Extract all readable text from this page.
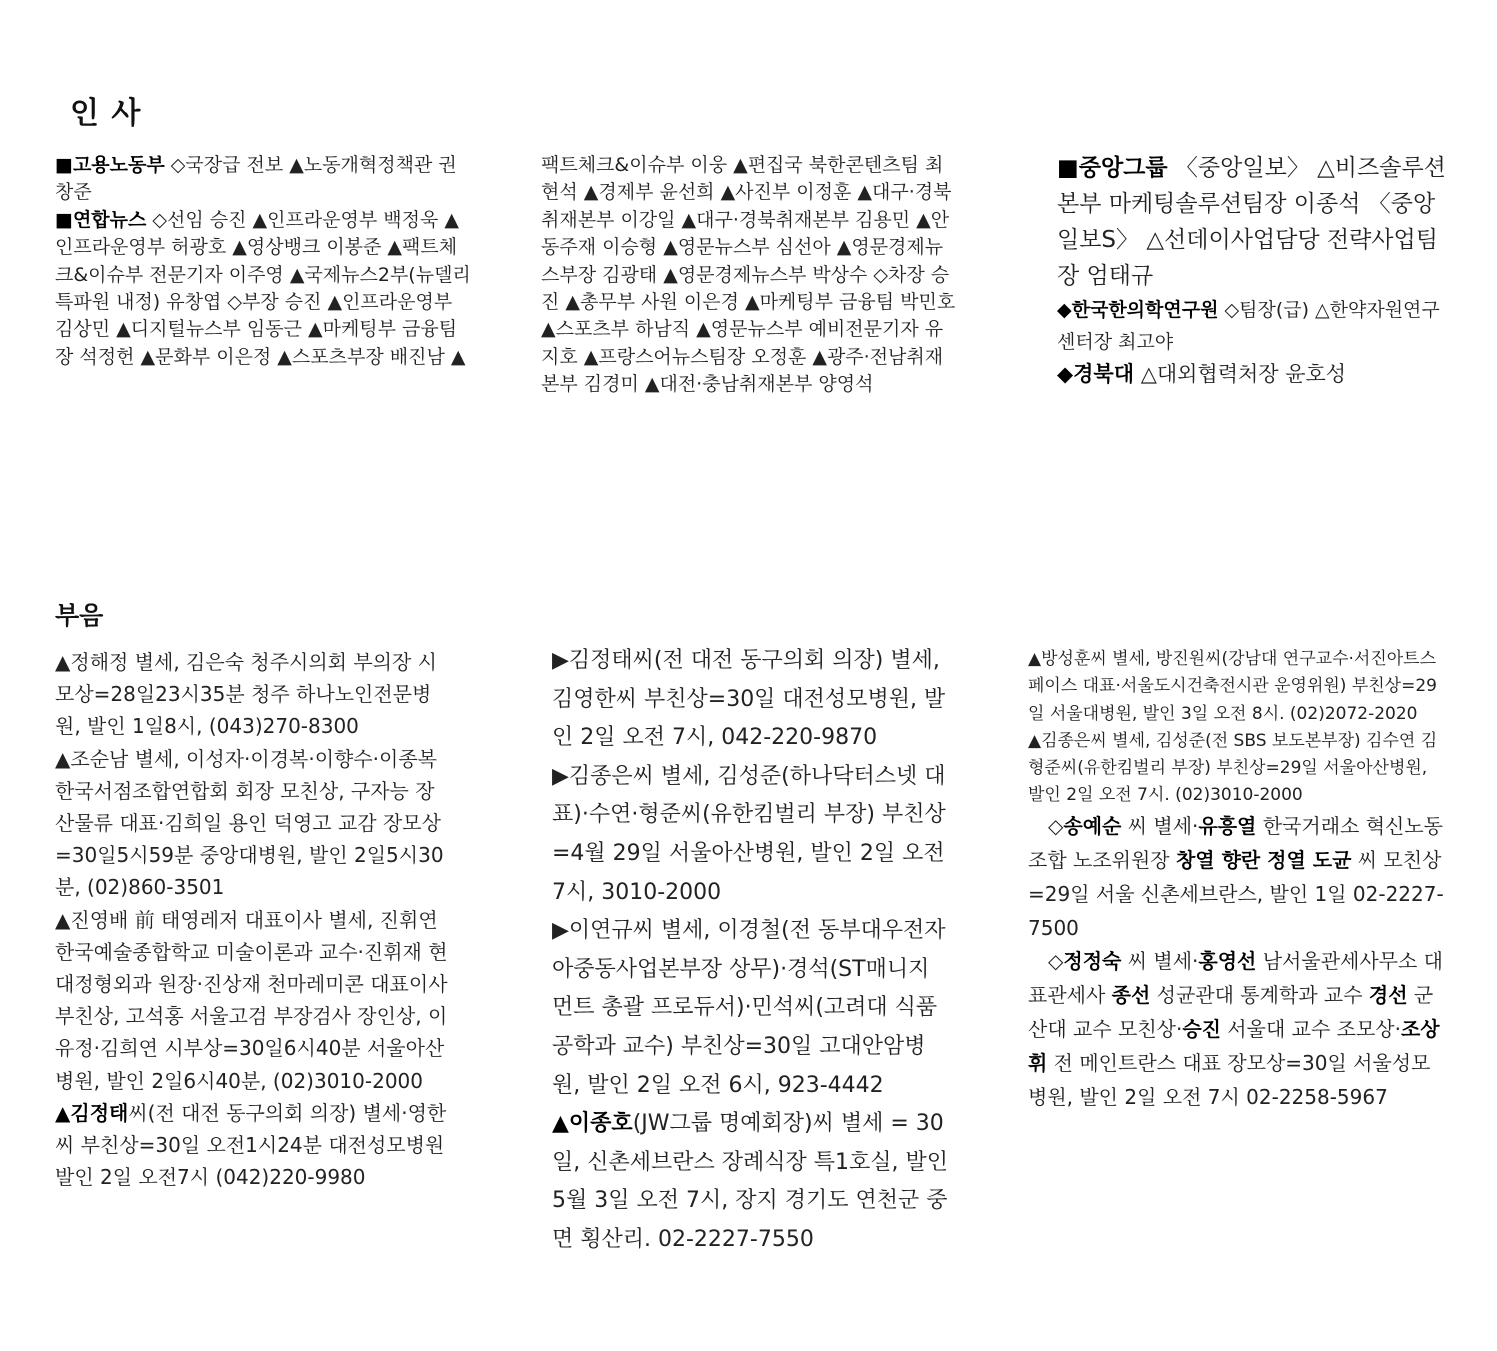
인 사

■고용노동부 ◇국장급 전보 ▲노동개혁정책관 권창준

■연합뉴스 ◇선임 승진 ▲인프라운영부 백정욱 ▲인프라운영부 허광호 ▲영상뱅크 이봉준 ▲팩트체크&이슈부 전문기자 이주영 ▲국제뉴스2부(뉴델리특파원 내정) 유창엽 ◇부장 승진 ▲인프라운영부 김상민 ▲디지털뉴스부 임동근 ▲마케팅부 금융팀장 석정헌 ▲문화부 이은정 ▲스포츠부장 배진남 ▲

팩트체크&이슈부 이웅 ▲편집국 북한콘텐츠팀 최현석 ▲경제부 윤선희 ▲사진부 이정훈 ▲대구·경북취재본부 이강일 ▲대구·경북취재본부 김용민 ▲안동주재 이승형 ▲영문뉴스부 심선아 ▲영문경제뉴스부장 김광태 ▲영문경제뉴스부 박상수 ◇차장 승진 ▲총무부 사원 이은경 ▲마케팅부 금융팀 박민호 ▲스포츠부 하남직 ▲영문뉴스부 예비전문기자 유지호 ▲프랑스어뉴스팀장 오정훈 ▲광주·전남취재본부 김경미 ▲대전·충남취재본부 양영석

■중앙그룹 〈중앙일보〉 △비즈솔루션본부 마케팅솔루션팀장 이종석 〈중앙일보S〉 △선데이사업담당 전략사업팀장 엄태규

◆한국한의학연구원 ◇팀장(급) △한약자원연구센터장 최고야

◆경북대 △대외협력처장 윤호성

부음

▲정해정 별세, 김은숙 청주시의회 부의장 시모상=28일23시35분 청주 하나노인전문병원, 발인 1일8시, (043)270-8300

▲조순남 별세, 이성자·이경복·이향수·이종복 한국서점조합연합회 회장 모친상, 구자능 장산물류 대표·김희일 용인 덕영고 교감 장모상=30일5시59분 중앙대병원, 발인 2일5시30분, (02)860-3501

▲진영배 前 태영레저 대표이사 별세, 진휘연 한국예술종합학교 미술이론과 교수·진휘재 현대정형외과 원장·진상재 천마레미콘 대표이사 부친상, 고석홍 서울고검 부장검사 장인상, 이유정·김희연 시부상=30일6시40분 서울아산병원, 발인 2일6시40분, (02)3010-2000

▲김정태씨(전 대전 동구의회 의장) 별세·영한씨 부친상=30일 오전1시24분 대전성모병원 발인 2일 오전7시 (042)220-9980

▶김정태씨(전 대전 동구의회 의장) 별세, 김영한씨 부친상=30일 대전성모병원, 발인 2일 오전 7시, 042-220-9870

▶김종은씨 별세, 김성준(하나닥터스넷 대표)·수연·형준씨(유한킴벌리 부장) 부친상=4월 29일 서울아산병원, 발인 2일 오전 7시, 3010-2000

▶이연규씨 별세, 이경철(전 동부대우전자 아중동사업본부장 상무)·경석(ST매니지먼트 총괄 프로듀서)·민석씨(고려대 식품공학과 교수) 부친상=30일 고대안암병원, 발인 2일 오전 6시, 923-4442

▲이종호(JW그룹 명예회장)씨 별세 = 30일, 신촌세브란스 장례식장 특1호실, 발인 5월 3일 오전 7시, 장지 경기도 연천군 중면 횡산리. 02-2227-7550

▲방성훈씨 별세, 방진원씨(강남대 연구교수·서진아트스페이스 대표·서울도시건축전시관 운영위원) 부친상=29일 서울대병원, 발인 3일 오전 8시. (02)2072-2020

▲김종은씨 별세, 김성준(전 SBS 보도본부장) 김수연 김형준씨(유한킴벌리 부장) 부친상=29일 서울아산병원, 발인 2일 오전 7시. (02)3010-2000

◇송예순 씨 별세·유흥열 한국거래소 혁신노동조합 노조위원장 창열 향란 정열 도균 씨 모친상=29일 서울 신촌세브란스, 발인 1일 02-2227-7500

◇정정숙 씨 별세·홍영선 남서울관세사무소 대표관세사 종선 성균관대 통계학과 교수 경선 군산대 교수 모친상·승진 서울대 교수 조모상·조상휘 전 메인트란스 대표 장모상=30일 서울성모병원, 발인 2일 오전 7시 02-2258-5967
